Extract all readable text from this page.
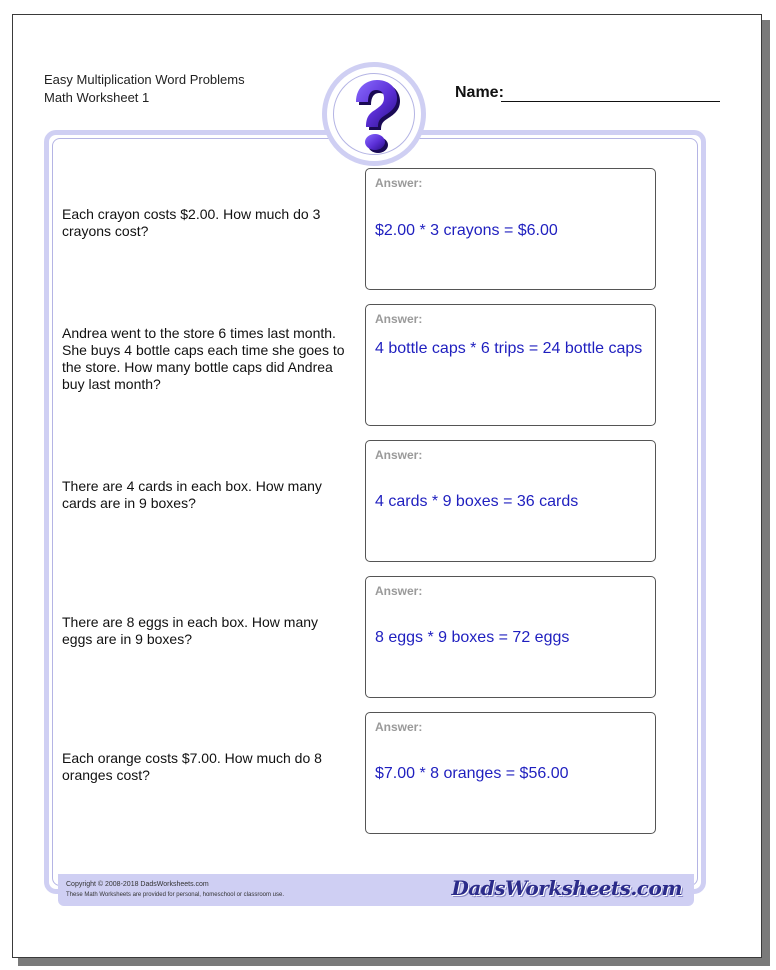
Easy Multiplication Word Problems
Math Worksheet 1	Name:
Each crayon costs $2.00. How much do 3 crayons cost?
Answer:
$2.00 * 3 crayons = $6.00
Andrea went to the store 6 times last month. She buys 4 bottle caps each time she goes to the store. How many bottle caps did Andrea buy last month?
Answer:
4 bottle caps * 6 trips = 24 bottle caps
There are 4 cards in each box. How many cards are in 9 boxes?
Answer:
4 cards * 9 boxes = 36 cards
There are 8 eggs in each box. How many eggs are in 9 boxes?
Answer:
8 eggs * 9 boxes = 72 eggs
Each orange costs $7.00. How much do 8 oranges cost?
Answer:
$7.00 * 8 oranges = $56.00
Copyright © 2008-2018 DadsWorksheets.com
These Math Worksheets are provided for personal, homeschool or classroom use.	DadsWorksheets.com
